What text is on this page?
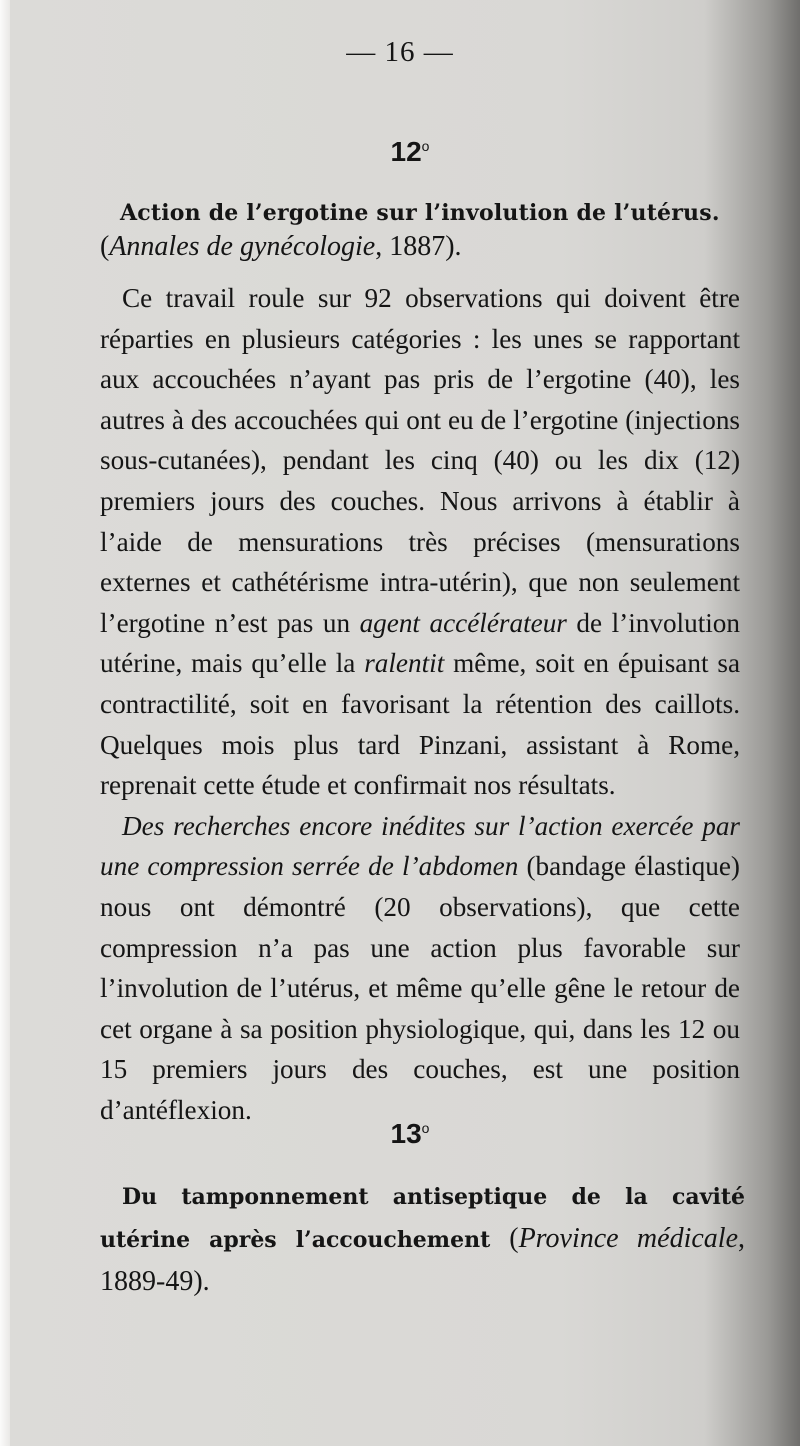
— 16 —
12$^o$
Action de l’ergotine sur l’involution de l’utérus.
(Annales de gynécologie, 1887).

Ce travail roule sur 92 observations qui doivent être réparties en plusieurs catégories : les unes se rapportant aux accouchées n’ayant pas pris de l’ergotine (40), les autres à des accouchées qui ont eu de l’ergotine (injections sous-cutanées), pendant les cinq (40) ou les dix (12) premiers jours des couches. Nous arrivons à établir à l’aide de mensurations très précises (mensurations externes et cathétérisme intra-utérin), que non seulement l’ergotine n’est pas un agent accélérateur de l’involution utérine, mais qu’elle la ralentit même, soit en épuisant sa contractilité, soit en favorisant la rétention des caillots. Quelques mois plus tard Pinzani, assistant à Rome, reprenait cette étude et confirmait nos résultats.

Des recherches encore inédites sur l’action exercée par une compression serrée de l’abdomen (bandage élastique) nous ont démontré (20 observations), que cette compression n’a pas une action plus favorable sur l’involution de l’utérus, et même qu’elle gêne le retour de cet organe à sa position physiologique, qui, dans les 12 ou 15 premiers jours des couches, est une position d’antéflexion.

13$^o$
Du tamponnement antiseptique de la cavité utérine après l’accouchement (Province médicale, 1889-49).
